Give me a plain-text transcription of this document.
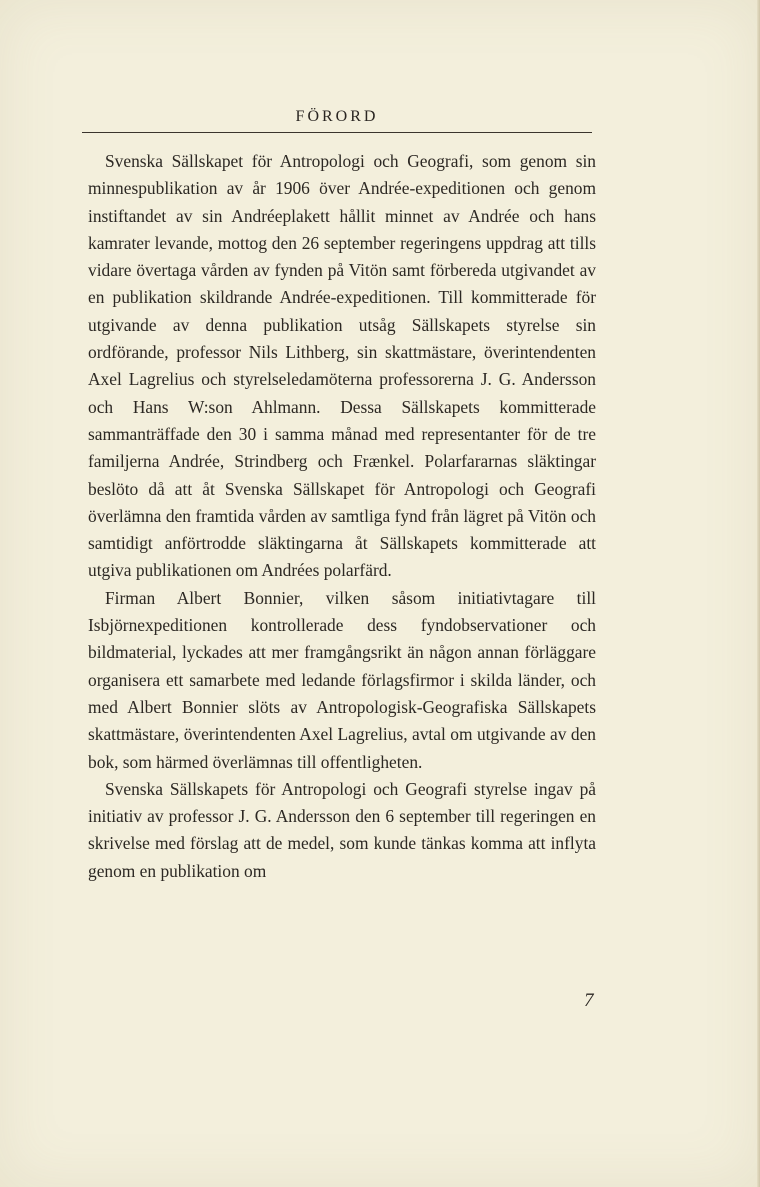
FÖRORD

Svenska Sällskapet för Antropologi och Geografi, som genom sin minnespublikation av år 1906 över Andrée-expeditionen och genom instiftandet av sin Andréeplakett hållit minnet av Andrée och hans kamrater levande, mottog den 26 september regeringens uppdrag att tills vidare övertaga vården av fynden på Vitön samt förbereda utgivandet av en publikation skildrande Andrée-expeditionen. Till kommitterade för utgivande av denna publikation utsåg Sällskapets styrelse sin ordförande, professor Nils Lithberg, sin skattmästare, överintendenten Axel Lagrelius och styrelseledamöterna professorerna J. G. Andersson och Hans W:son Ahlmann. Dessa Sällskapets kommitterade sammanträffade den 30 i samma månad med representanter för de tre familjerna Andrée, Strindberg och Frænkel. Polarfararnas släktingar beslöto då att åt Svenska Sällskapet för Antropologi och Geografi överlämna den framtida vården av samtliga fynd från lägret på Vitön och samtidigt anförtrodde släktingarna åt Sällskapets kommitterade att utgiva publikationen om Andrées polarfärd.

Firman Albert Bonnier, vilken såsom initiativtagare till Isbjörnexpeditionen kontrollerade dess fyndobservationer och bildmaterial, lyckades att mer framgångsrikt än någon annan förläggare organisera ett samarbete med ledande förlagsfirmor i skilda länder, och med Albert Bonnier slöts av Antropologisk-Geografiska Sällskapets skattmästare, överintendenten Axel Lagrelius, avtal om utgivande av den bok, som härmed överlämnas till offentligheten.

Svenska Sällskapets för Antropologi och Geografi styrelse ingav på initiativ av professor J. G. Andersson den 6 september till regeringen en skrivelse med förslag att de medel, som kunde tänkas komma att inflyta genom en publikation om

7
